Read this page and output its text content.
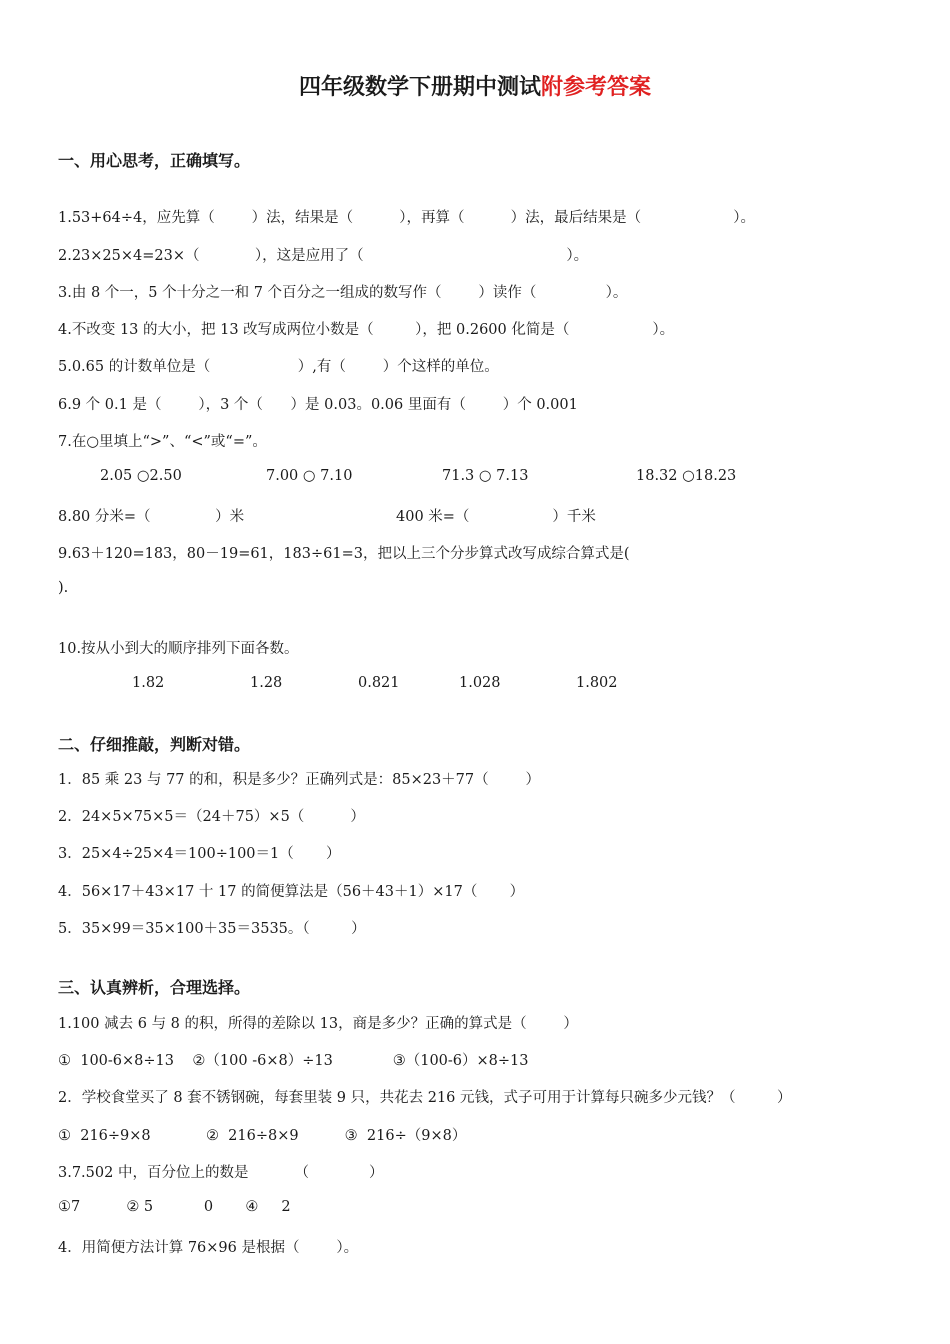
四年级数学下册期中测试附参考答案
一、用心思考，正确填写。
1.53+64÷4，应先算（        ）法，结果是（          ），再算（          ）法，最后结果是（                    ）。
2.23×25×4=23×（            ），这是应用了（                                            ）。
3.由 8 个一，5 个十分之一和 7 个百分之一组成的数写作（        ）读作（               ）。
4.不改变 13 的大小，把 13 改写成两位小数是（         ），把 0.2600 化简是（                  ）。
5.0.65 的计数单位是（                   ）,有（        ）个这样的单位。
6.9 个 0.1 是（        ），3 个（      ）是 0.03。0.06 里面有（        ）个 0.001
7.在○里填上“>”、“<”或“=”。
2.05 ○2.50	7.00 ○ 7.10	71.3 ○ 7.13	18.32 ○18.23
8.80 分米=（              ）米	400 米=（                  ）千米
9.63＋120=183，80－19=61，183÷61=3，把以上三个分步算式改写成综合算式是(
).
10.按从小到大的顺序排列下面各数。
1.82	1.28	0.821	1.028	1.802
二、仔细推敲，判断对错。
1．85 乘 23 与 77 的和，积是多少？正确列式是：85×23＋77（        ）
2．24×5×75×5＝（24＋75）×5（          ）
3．25×4÷25×4＝100÷100＝1（       ）
4．56×17＋43×17 十 17 的简便算法是（56＋43＋1）×17（       ）
5．35×99＝35×100＋35＝3535。（         ）
三、认真辨析，合理选择。
1.100 减去 6 与 8 的积，所得的差除以 13，商是多少？正确的算式是（        ）
①  100-6×8÷13    ②（100 -6×8）÷13             ③（100-6）×8÷13
2．学校食堂买了 8 套不锈钢碗，每套里装 9 只，共花去 216 元钱，式子可用于计算每只碗多少元钱？（         ）
①  216÷9×8            ②  216÷8×9          ③  216÷（9×8）
3.7.502 中，百分位上的数是          （             ）
①7          ② 5           0       ④     2
4．用简便方法计算 76×96 是根据（        ）。
